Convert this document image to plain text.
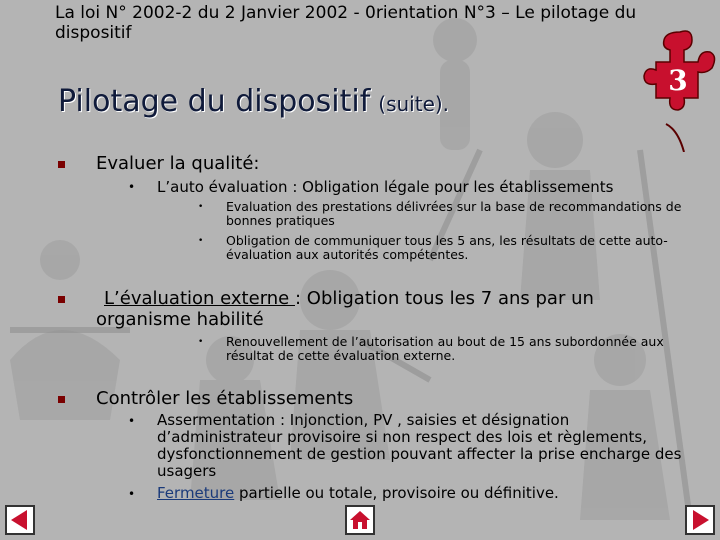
La loi N° 2002-2 du 2 Janvier 2002 - 0rientation N°3 – Le pilotage du dispositif
Pilotage du dispositif (suite).
3
Evaluer la qualité:
• L’auto évaluation : Obligation légale pour les établissements
• Evaluation des prestations délivrées sur la base de recommandations de bonnes pratiques
• Obligation de communiquer tous les 5 ans, les résultats de cette auto-évaluation aux autorités compétentes.
L’évaluation externe : Obligation tous les 7 ans par un organisme habilité
• Renouvellement de l’autorisation au bout de 15 ans subordonnée aux résultat de cette évaluation externe.
Contrôler les établissements
• Assermentation : Injonction, PV , saisies et désignation d’administrateur provisoire si non respect des lois et règlements, dysfonctionnement de gestion pouvant affecter la prise encharge des usagers
• Fermeture partielle ou totale, provisoire ou définitive.
